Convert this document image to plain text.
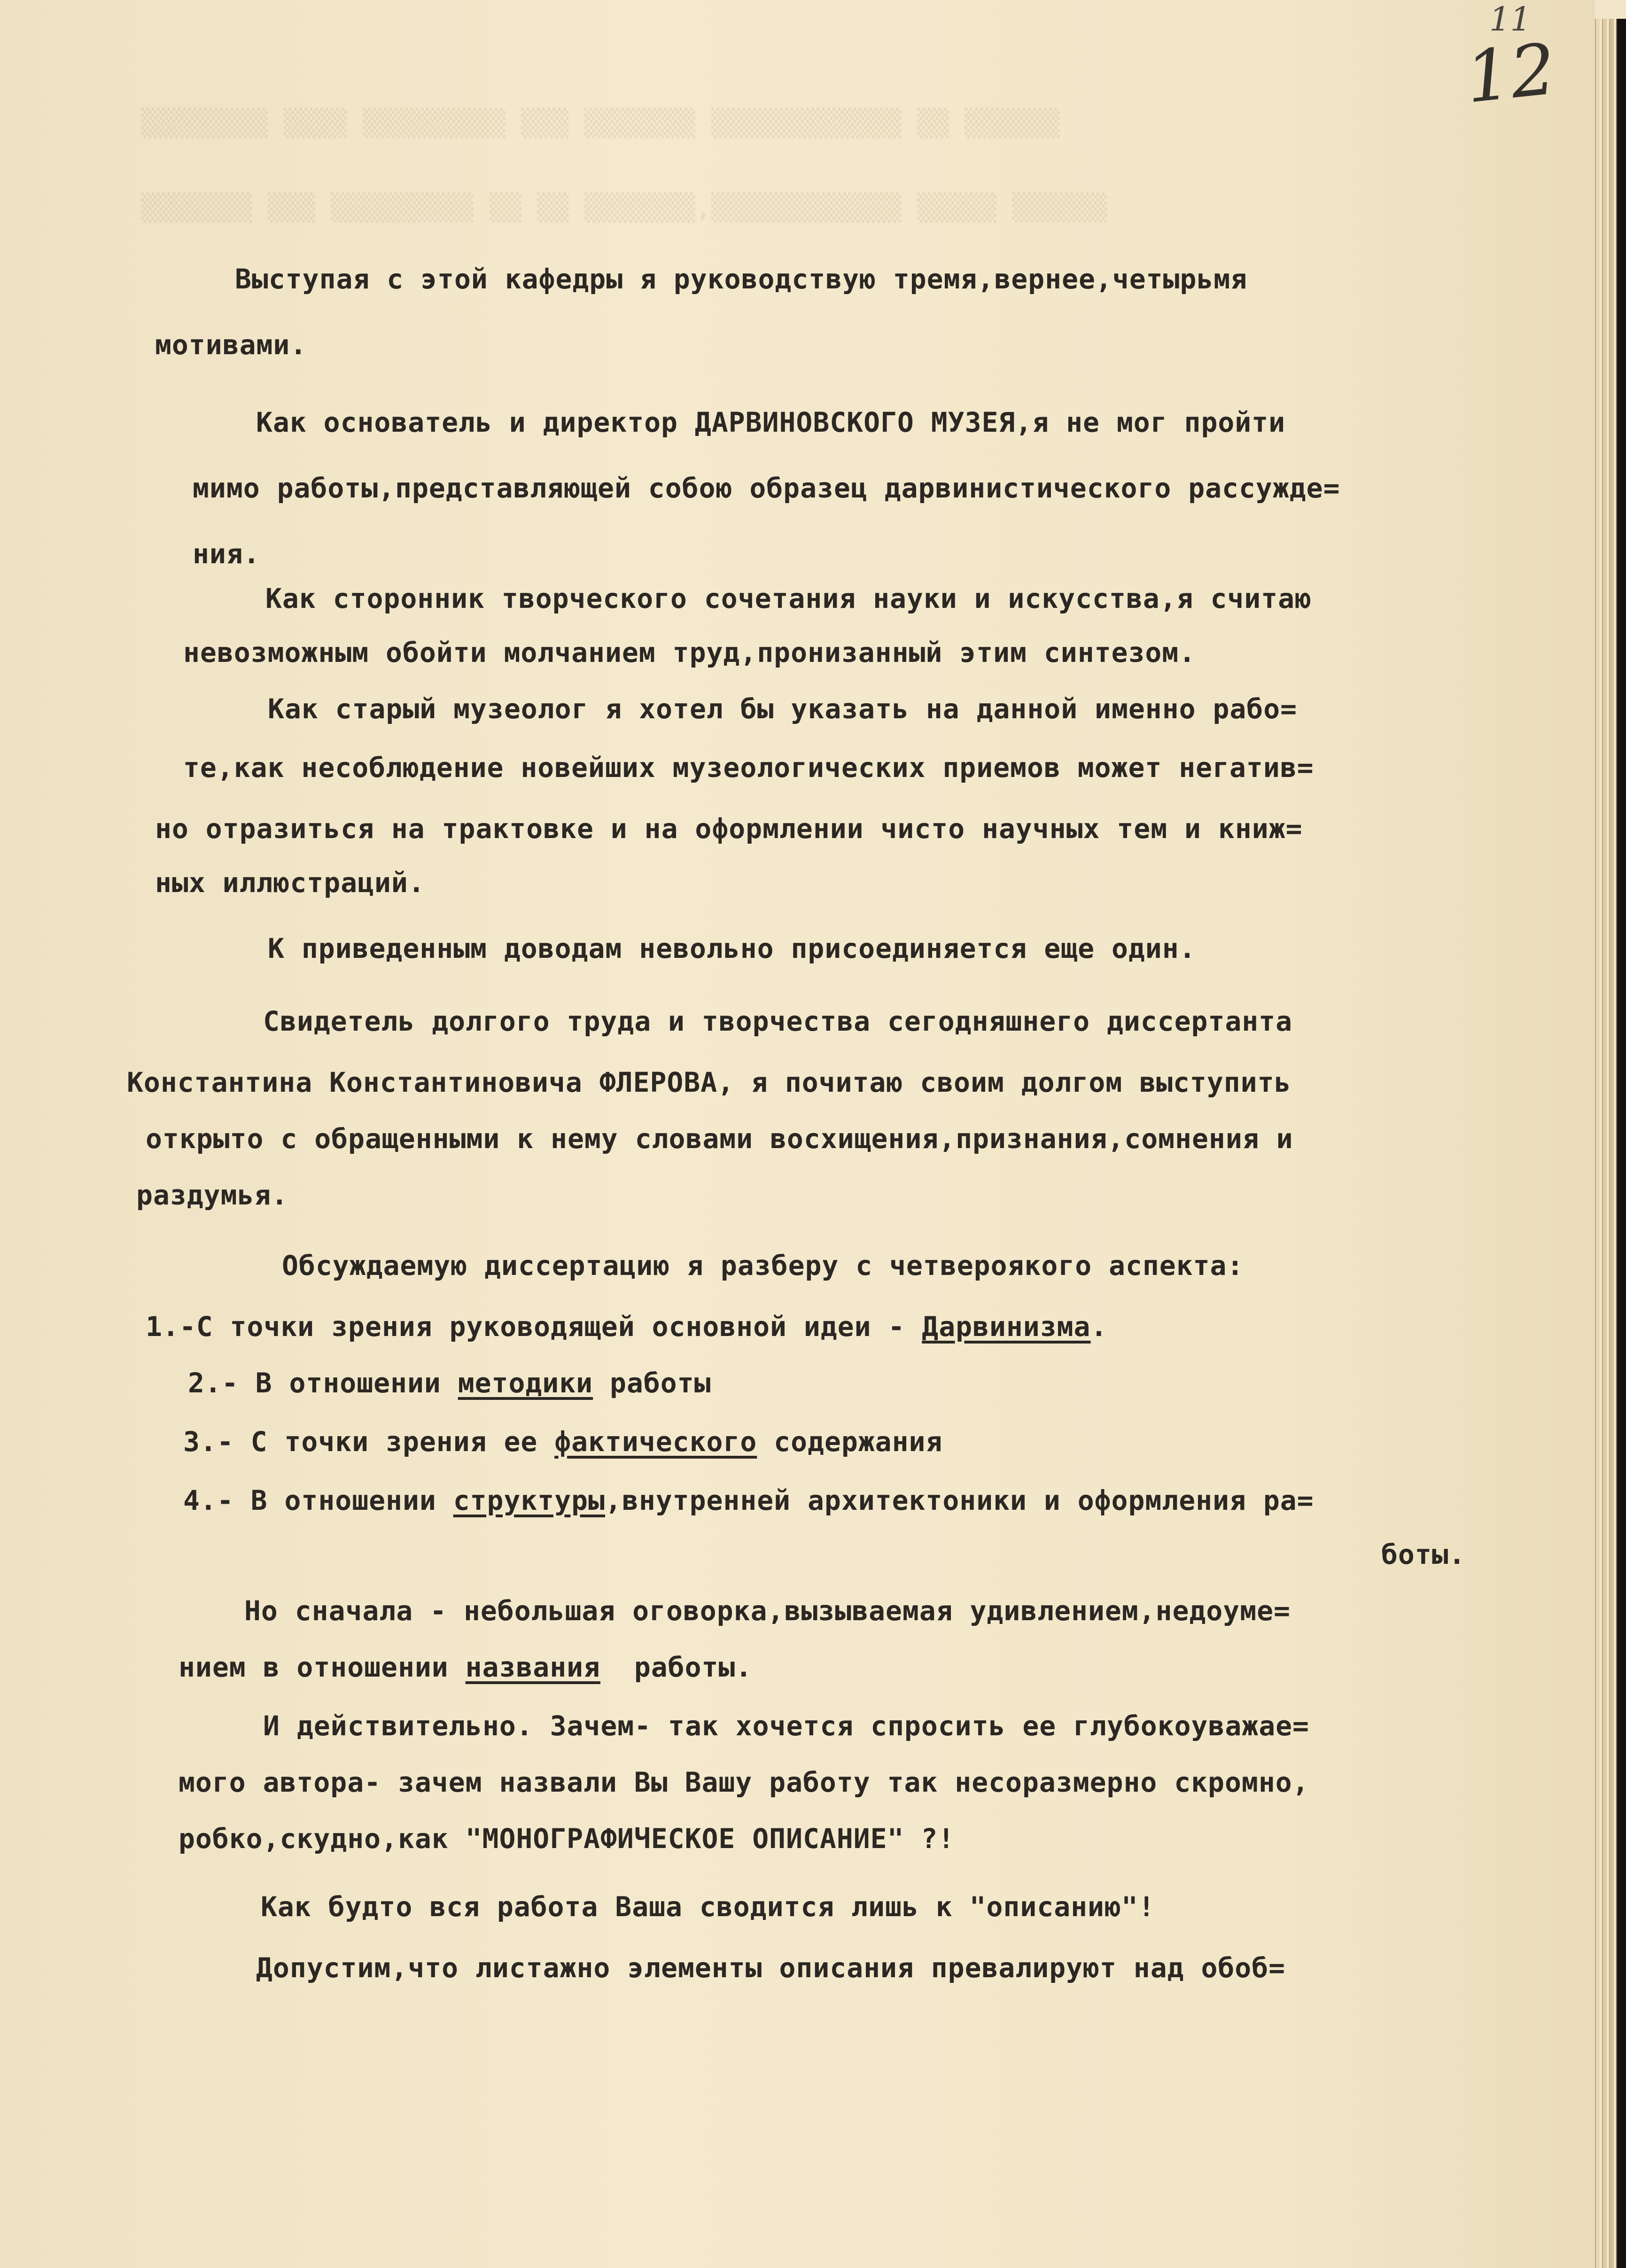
▒▒▒▒▒▒▒▒ ▒▒▒▒ ▒▒▒▒▒▒▒▒▒ ▒▒▒ ▒▒▒▒▒▒▒ ▒▒▒▒▒▒▒▒▒▒▒▒ ▒▒ ▒▒▒▒▒▒
▒▒▒▒▒▒▒ ▒▒▒ ▒▒▒▒▒▒▒▒▒ ▒▒ ▒▒ ▒▒▒▒▒▒▒,▒▒▒▒▒▒▒▒▒▒▒▒ ▒▒▒▒▒ ▒▒▒▒▒▒
11
12
Выступая с этой кафедры я руководствую тремя,вернее,четырьмя
мотивами.
Как основатель и директор ДАРВИНОВСКОГО МУЗЕЯ,я не мог пройти
мимо работы,представляющей собою образец дарвинистического рассужде=
ния.
Как сторонник творческого сочетания науки и искусства,я считаю
невозможным обойти молчанием труд,пронизанный этим синтезом.
Как старый музеолог я хотел бы указать на данной именно рабо=
те,как несоблюдение новейших музеологических приемов может негатив=
но отразиться на трактовке и на оформлении чисто научных тем и книж=
ных иллюстраций.
К приведенным доводам невольно присоединяется еще один.
Свидетель долгого труда и творчества сегодняшнего диссертанта
Константина Константиновича ФЛЕРОВА, я почитаю своим долгом выступить
открыто с обращенными к нему словами восхищения,признания,сомнения и
раздумья.
Обсуждаемую диссертацию я разберу с четвероякого аспекта:
1.-С точки зрения руководящей основной идеи - Дарвинизма.
2.- В отношении методики работы
3.- С точки зрения ее фактического содержания
4.- В отношении структуры,внутренней архитектоники и оформления ра=
боты.
Но сначала - небольшая оговорка,вызываемая удивлением,недоуме=
нием в отношении названия  работы.
И действительно. Зачем- так хочется спросить ее глубокоуважае=
мого автора- зачем назвали Вы Вашу работу так несоразмерно скромно,
робко,скудно,как "МОНОГРАФИЧЕСКОЕ ОПИСАНИЕ" ?!
Как будто вся работа Ваша сводится лишь к "описанию"!
Допустим,что листажно элементы описания превалируют над обоб=
